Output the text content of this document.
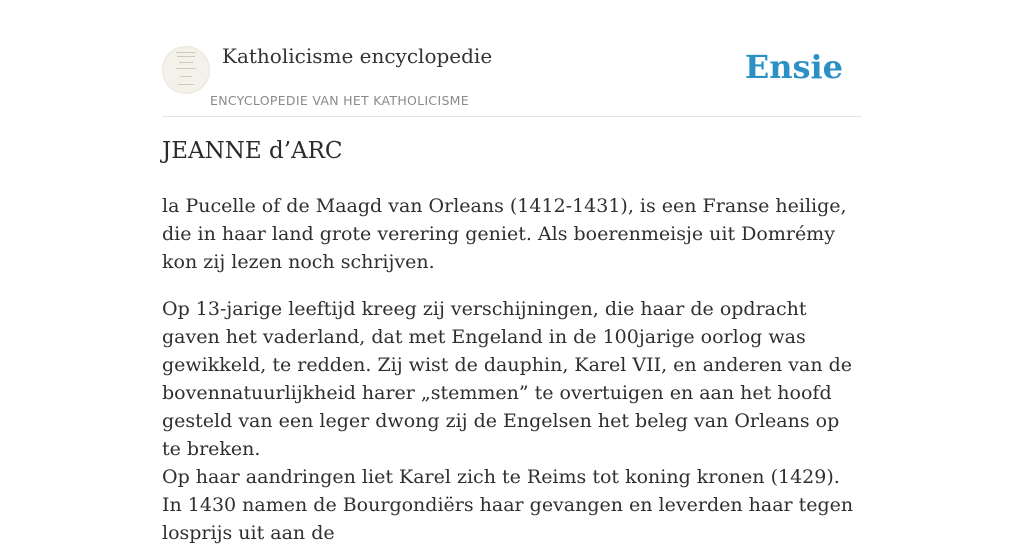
Katholicisme encyclopedie
ENCYCLOPEDIE VAN HET KATHOLICISME
Ensie
JEANNE d’ARC

la Pucelle of de Maagd van Orleans (1412-1431), is een Franse heilige, die in haar land grote verering geniet. Als boerenmeisje uit Domrémy kon zij lezen noch schrijven.

Op 13-jarige leeftijd kreeg zij verschijningen, die haar de opdracht gaven het vaderland, dat met Engeland in de 100jarige oorlog was gewikkeld, te redden. Zij wist de dauphin, Karel VII, en anderen van de bovennatuurlijkheid harer „stemmen” te overtuigen en aan het hoofd gesteld van een leger dwong zij de Engelsen het beleg van Orleans op te breken.

Op haar aandringen liet Karel zich te Reims tot koning kronen (1429). In 1430 namen de Bourgondiërs haar gevangen en leverden haar tegen losprijs uit aan de
